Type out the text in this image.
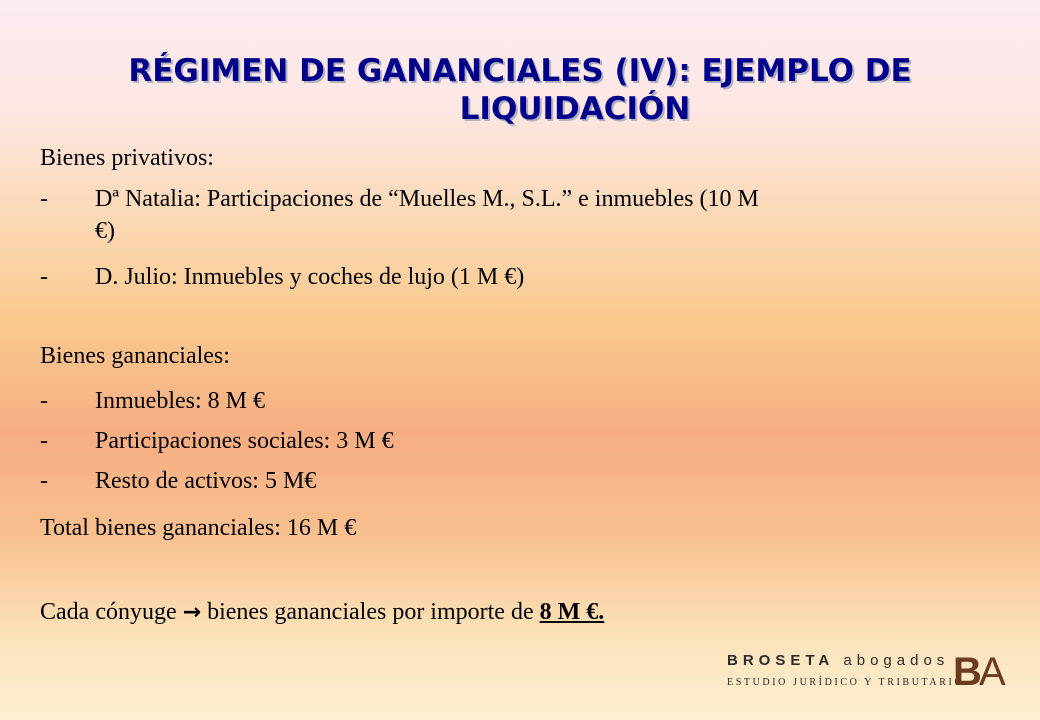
RÉGIMEN DE GANANCIALES (IV): EJEMPLO DE
LIQUIDACIÓN
Bienes privativos:
- Dª Natalia: Participaciones de “Muelles M., S.L.” e inmuebles (10 M
€)
- D. Julio: Inmuebles y coches de lujo (1 M €)
Bienes gananciales:
- Inmuebles: 8 M €
- Participaciones sociales: 3 M €
- Resto de activos: 5 M€
Total bienes gananciales: 16 M €
Cada cónyuge → bienes gananciales por importe de 8 M €.
BROSETA abogados
ESTUDIO JURÍDICO Y TRIBUTARIO
B
A
